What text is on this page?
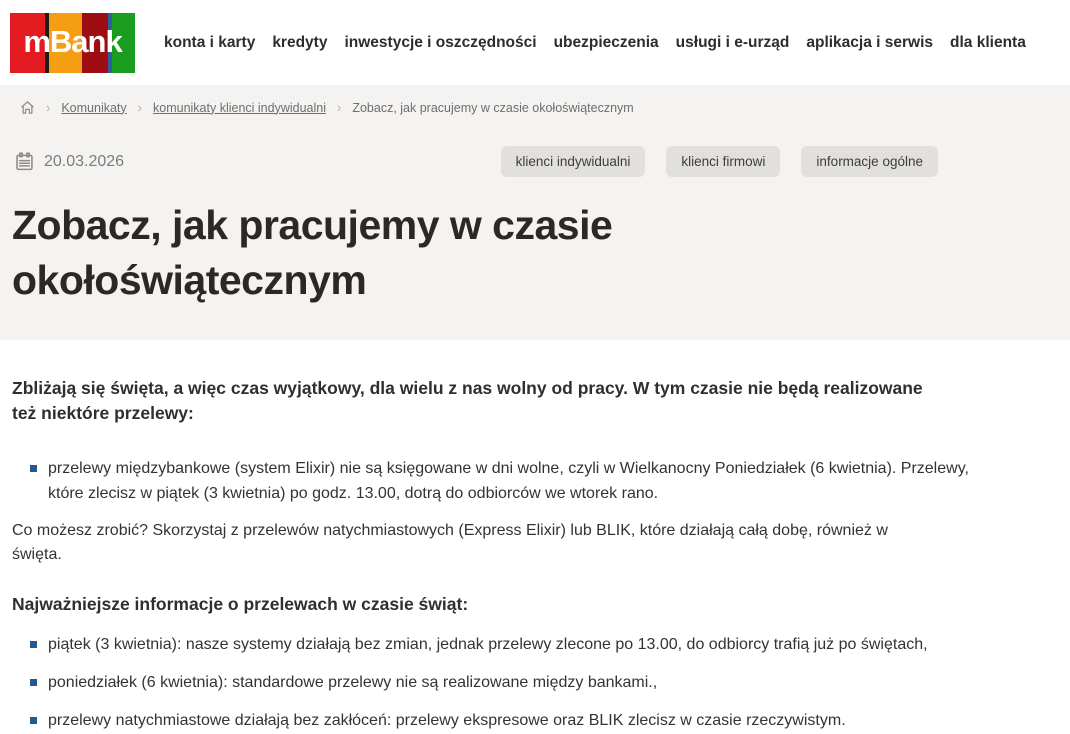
mBank	konta i karty kredyty inwestycje i oszczędności ubezpieczenia usługi i e-urząd aplikacja i serwis dla klienta
› Komunikaty › komunikaty klienci indywidualni › Zobacz, jak pracujemy w czasie okołoświątecznym
20.03.2026	klienci indywidualni	klienci firmowi	informacje ogólne
Zobacz, jak pracujemy w czasie okołoświątecznym

Zbliżają się święta, a więc czas wyjątkowy, dla wielu z nas wolny od pracy. W tym czasie nie będą realizowane też niektóre przelewy:

przelewy międzybankowe (system Elixir) nie są księgowane w dni wolne, czyli w Wielkanocny Poniedziałek (6 kwietnia). Przelewy, które zlecisz w piątek (3 kwietnia) po godz. 13.00, dotrą do odbiorców we wtorek rano.

Co możesz zrobić? Skorzystaj z przelewów natychmiastowych (Express Elixir) lub BLIK, które działają całą dobę, również w święta.

Najważniejsze informacje o przelewach w czasie świąt:
piątek (3 kwietnia): nasze systemy działają bez zmian, jednak przelewy zlecone po 13.00, do odbiorcy trafią już po świętach,
poniedziałek (6 kwietnia): standardowe przelewy nie są realizowane między bankami.,
przelewy natychmiastowe działają bez zakłóceń: przelewy ekspresowe oraz BLIK zlecisz w czasie rzeczywistym.
